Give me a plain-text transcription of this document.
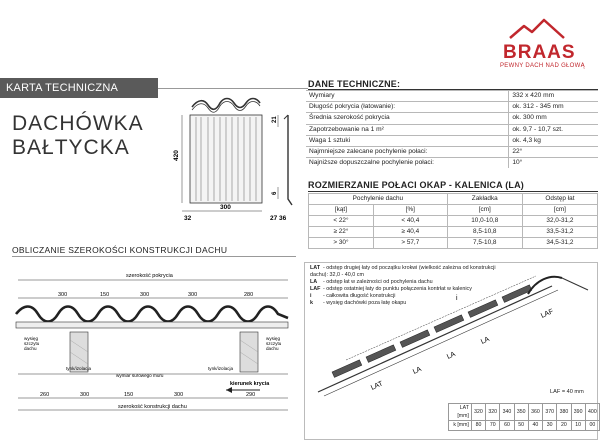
KARTA TECHNICZNA
DACHÓWKA
BAŁTYCKA
BRAAS
PEWNY DACH NAD GŁOWĄ
420
300
32	27 36
21
6
DANE TECHNICZNE:
Wymiary	332 x 420 mm
Długość pokrycia (łatowanie):	ok. 312 - 345 mm
Średnia szerokość pokrycia	ok. 300 mm
Zapotrzebowanie na 1 m²	ok. 9,7 - 10,7 szt.
Waga 1 sztuki	ok. 4,3 kg
Najmniejsze zalecane pochylenie połaci:	22°
Najniższe dopuszczalne pochylenie połaci:	10°
ROZMIERZANIE POŁACI OKAP - KALENICA (LA)
Pochylenie dachu		Zakładka	Odstęp łat
[kąt]	[%]	[cm]	[cm]
< 22°	< 40,4	10,0-10,8	32,0-31,2
≥ 22°	≥ 40,4	8,5-10,8	33,5-31,2
> 30°	> 57,7	7,5-10,8	34,5-31,2
OBLICZANIE SZEROKOŚCI KONSTRUKCJI DACHU
szerokość pokrycia
300	150	300	300	280
wysięg szczytu dachu
wysięg szczytu dachu
tynk/izolacja
wymiar surowego muru
tynk/izolacja
kierunek krycia
260	300	150	300	290
szerokość konstrukcji dachu
LAT - odstęp drugiej łaty od początku krokwi (wielkość zależna od konstrukcji dachu): 32,0 - 40,0 cm
LA - odstęp łat w zależności od pochylenia dachu
LAF - odstęp ostatniej łaty do punktu połączenia kontrłat w kalenicy
i - całkowita długość konstrukcji
k - wysięg dachówki poza łatę okapu
LAT
LA
LA
LA
LAF
i
LAF = 40 mm
LAT [mm]	320	320	340	350	360	370	380	390	400
k [mm]	80	70	60	50	40	30	20	10	00
